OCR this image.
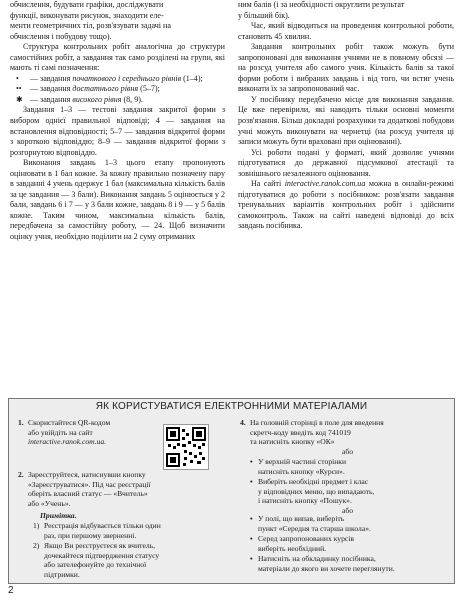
обчислення, будувати графіки, досліджувати

функції, виконувати рисунок, знаходити еле-

менти геометричних тіл, розв'язувати задачі на

обчислення і побудову тощо).

Структура контрольних робіт аналогічна до структури самостійних робіт, а завдання так само розділені на групи, які мають ті самі позначення:

•	— завдання початкового і середнього рівнів (1–4);
••	— завдання достатнього рівня (5–7);
✱ — завдання високого рівня (8, 9).

Завдання 1–3 — тестові завдання закритої форми з вибором однієї правильної відповіді; 4 — завдання на встановлення відповідності; 5–7 — завдання відкритої форми з короткою відповіддю; 8–9 — завдання відкритої форми з розгорнутою відповіддю.

Виконання завдань 1–3 цього етапу пропонують оцінювати в 1 бал кожне. За кожну правильно позначену пару в завданні 4 учень одержує 1 бал (максимальна кількість балів за це завдання — 3 бали). Виконання завдань 5 оцінюється у 2 бали, завдань 6 і 7 — у 3 бали кожне, завдань 8 і 9 — у 5 балів кожне. Таким чином, максимальна кількість балів, передбачена за самостійну роботу, — 24. Щоб визначити оцінку учня, необхідно поділити на 2 суму отриманих

ним балів (і за необхідності округлити результат

у більший бік).

Час, який відводиться на проведення контрольної роботи, становить 45 хвилин.

Завдання контрольних робіт також можуть бути запропоновані для виконання учнями не в повному обсязі — на розсуд учителя або самого учня. Кількість балів за такої форми роботи і вибраних завдань і від того, чи встиг учень виконати їх за запропонований час.

У посібнику передбачено місце для виконання завдання. Це вже перевірили, які наводить тільки основні моменти розв'язання. Більш докладні розрахунки та додаткові побудови учні можуть виконувати на чернетці (на розсуд учителя ці записи можуть бути враховані при оцінюванні).

Усі роботи подані у форматі, який дозволяє учнями підготуватися до державної підсумкової атестації та зовнішнього незалежного оцінювання.

На сайті interactive.ranok.com.ua можна в онлайн-режимі підготуватися до роботи з посібником: розв'язати завдання тренувальних варіантів контрольних робіт і здійснити самоконтроль. Також на сайті наведені відповіді до всіх завдань посібника.

ЯК КОРИСТУВАТИСЯ ЕЛЕКТРОННИМИ МАТЕРІАЛАМИ
1. Скористайтеся QR-кодом
або увійдіть на сайт
interactive.ranok.com.ua.
2. Зареєструйтеся, натиснувши кнопку
«Зареєструватися». Під час реєстрації
оберіть власний статус — «Вчитель»
або «Учень».
Примітка.
1) Реєстрація відбувається тільки один
раз, при першому зверненні.
2) Якщо Ви реєструєтеся як вчитель,
дочекайтеся підтвердження статусу
або зателефонуйте до технічної
підтримки.
4. На головній сторінці в поле для введення
скретч-коду введіть код 741019
та натисніть кнопку «ОК»
або
• У верхній частині сторінки
натисніть кнопку «Курси».
• Виберіть необхідні предмет і клас
у відповідних меню, що випадають,
і натисніть кнопку «Пошук».
або
• У полі, що випав, виберіть
пункт «Середня та старша школа».
• Серед запропонованих курсів
виберіть необхідний.
• Натисніть на обкладинку посібника,
матеріали до якого ви хочете переглянути.
2
